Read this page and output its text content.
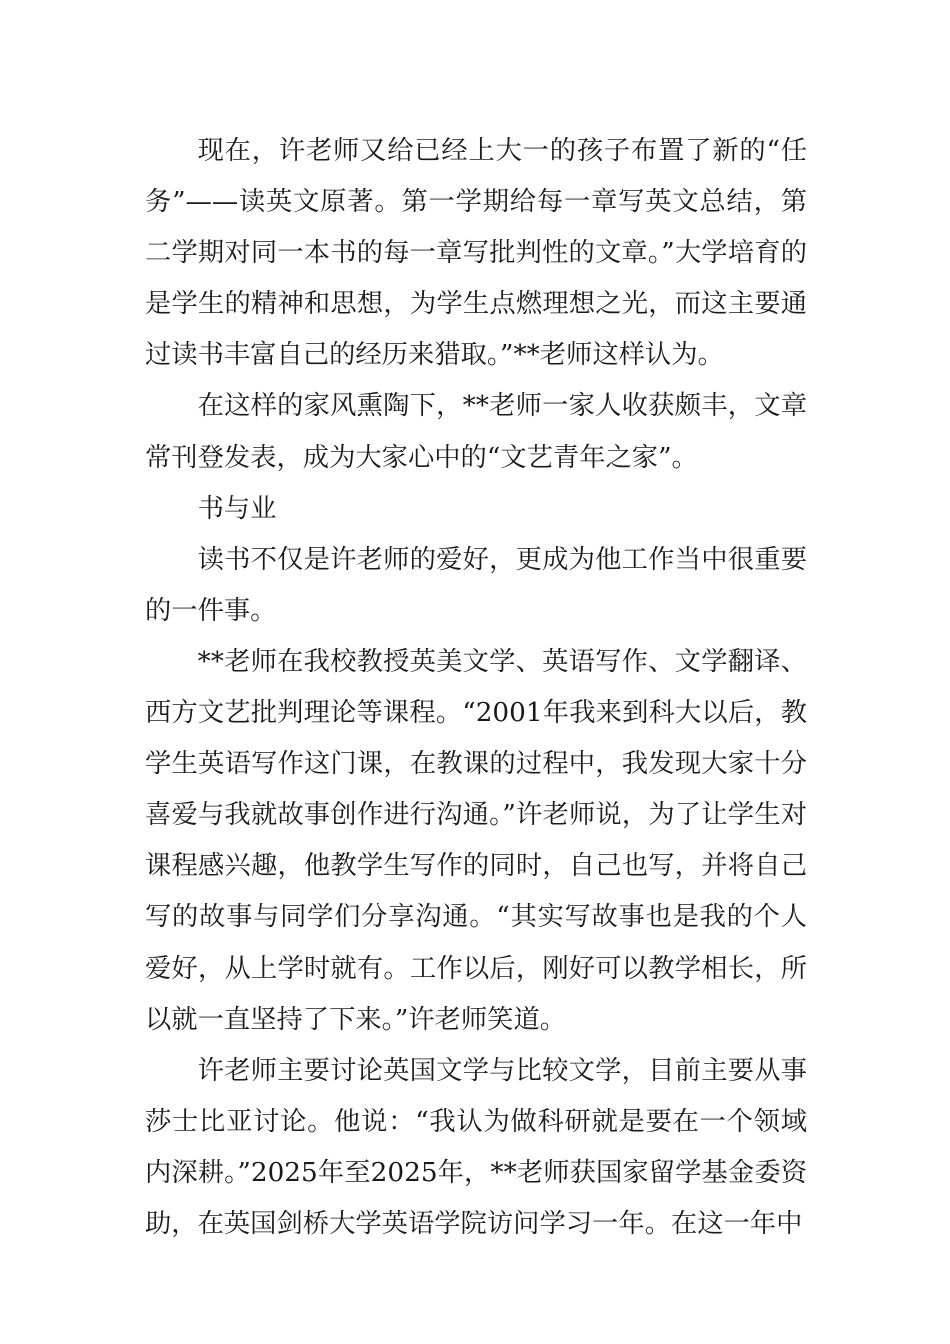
现在，许老师又给已经上大一的孩子布置了新的“任务”——读英文原著。第一学期给每一章写英文总结，第二学期对同一本书的每一章写批判性的文章。”大学培育的是学生的精神和思想，为学生点燃理想之光，而这主要通过读书丰富自己的经历来猎取。”**老师这样认为。

在这样的家风熏陶下，**老师一家人收获颇丰，文章常刊登发表，成为大家心中的“文艺青年之家”。

书与业

读书不仅是许老师的爱好，更成为他工作当中很重要的一件事。

**老师在我校教授英美文学、英语写作、文学翻译、西方文艺批判理论等课程。“2001年我来到科大以后，教学生英语写作这门课，在教课的过程中，我发现大家十分喜爱与我就故事创作进行沟通。”许老师说，为了让学生对课程感兴趣，他教学生写作的同时，自己也写，并将自己写的故事与同学们分享沟通。“其实写故事也是我的个人爱好，从上学时就有。工作以后，刚好可以教学相长，所以就一直坚持了下来。”许老师笑道。

许老师主要讨论英国文学与比较文学，目前主要从事莎士比亚讨论。他说：“我认为做科研就是要在一个领域内深耕。”2025年至2025年，**老师获国家留学基金委资助，在英国剑桥大学英语学院访问学习一年。在这一年中
